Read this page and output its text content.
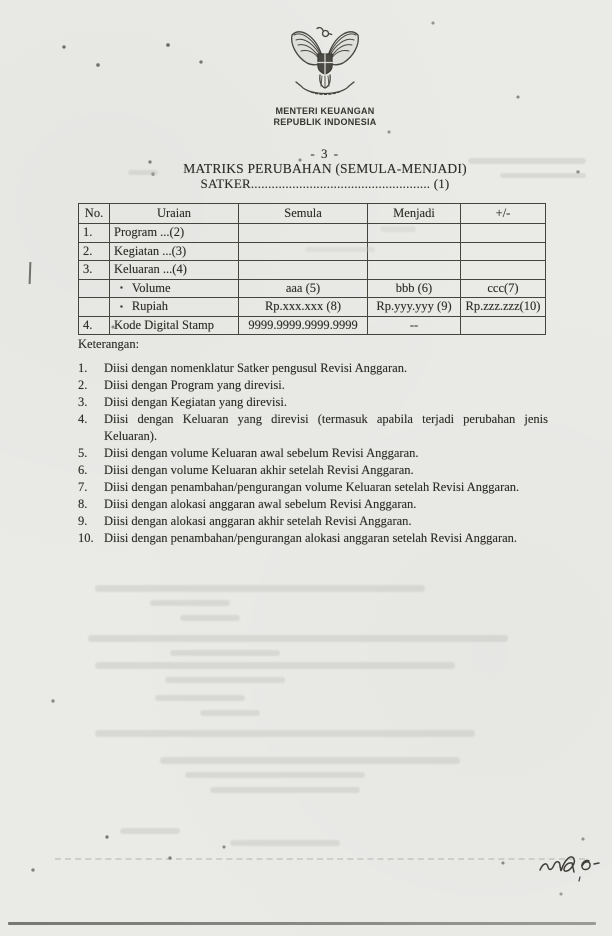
MENTERI KEUANGAN
REPUBLIK INDONESIA
- 3 -
MATRIKS PERUBAHAN (SEMULA-MENJADI)
SATKER.................................................... (1)
No.	Uraian	Semula	Menjadi	+/-
1.	Program ...(2)			
2.	Kegiatan ...(3)			
3.	Keluaran ...(4)			
	▪ Volume	aaa (5)	bbb (6)	ccc(7)
	▪ Rupiah	Rp.xxx.xxx (8)	Rp.yyy.yyy (9)	Rp.zzz.zzz(10)
4.	Kode Digital Stamp	9999.9999.9999.9999	--	
Keterangan:
1.	Diisi dengan nomenklatur Satker pengusul Revisi Anggaran.
2.	Diisi dengan Program yang direvisi.
3.	Diisi dengan Kegiatan yang direvisi.
4.	Diisi dengan Keluaran yang direvisi (termasuk apabila terjadi perubahan jenis Keluaran).
5.	Diisi dengan volume Keluaran awal sebelum Revisi Anggaran.
6.	Diisi dengan volume Keluaran akhir setelah Revisi Anggaran.
7.	Diisi dengan penambahan/pengurangan volume Keluaran setelah Revisi Anggaran.
8.	Diisi dengan alokasi anggaran awal sebelum Revisi Anggaran.
9.	Diisi dengan alokasi anggaran akhir setelah Revisi Anggaran.
10. Diisi dengan penambahan/pengurangan alokasi anggaran setelah Revisi Anggaran.
